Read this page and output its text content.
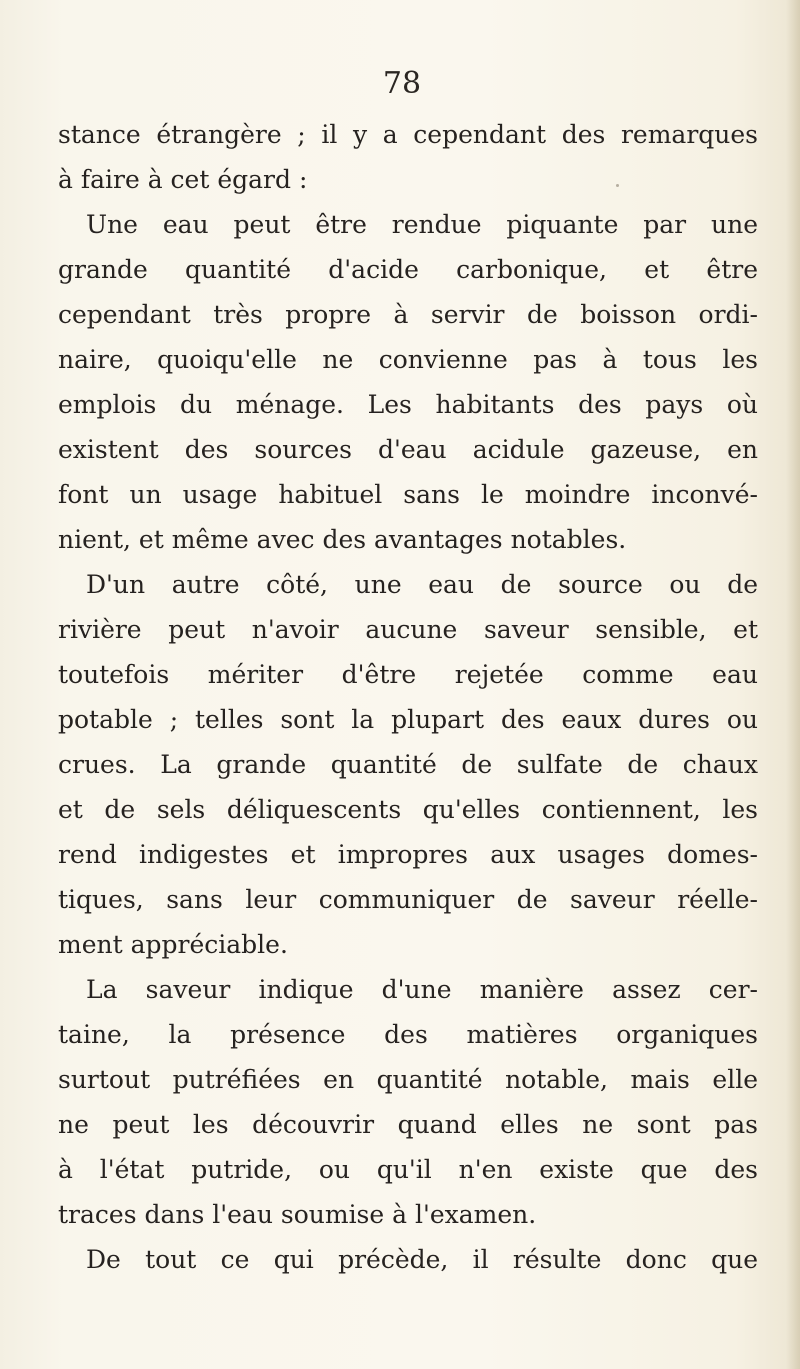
78
stance étrangère ; il y a cependant des remarques
à faire à cet égard :
Une eau peut être rendue piquante par une
grande quantité d'acide carbonique, et être
cependant très propre à servir de boisson ordi-
naire, quoiqu'elle ne convienne pas à tous les
emplois du ménage. Les habitants des pays où
existent des sources d'eau acidule gazeuse, en
font un usage habituel sans le moindre inconvé-
nient, et même avec des avantages notables.
D'un autre côté, une eau de source ou de
rivière peut n'avoir aucune saveur sensible, et
toutefois mériter d'être rejetée comme eau
potable ; telles sont la plupart des eaux dures ou
crues. La grande quantité de sulfate de chaux
et de sels déliquescents qu'elles contiennent, les
rend indigestes et impropres aux usages domes-
tiques, sans leur communiquer de saveur réelle-
ment appréciable.
La saveur indique d'une manière assez cer-
taine, la présence des matières organiques
surtout putréfiées en quantité notable, mais elle
ne peut les découvrir quand elles ne sont pas
à l'état putride, ou qu'il n'en existe que des
traces dans l'eau soumise à l'examen.
De tout ce qui précède, il résulte donc que
